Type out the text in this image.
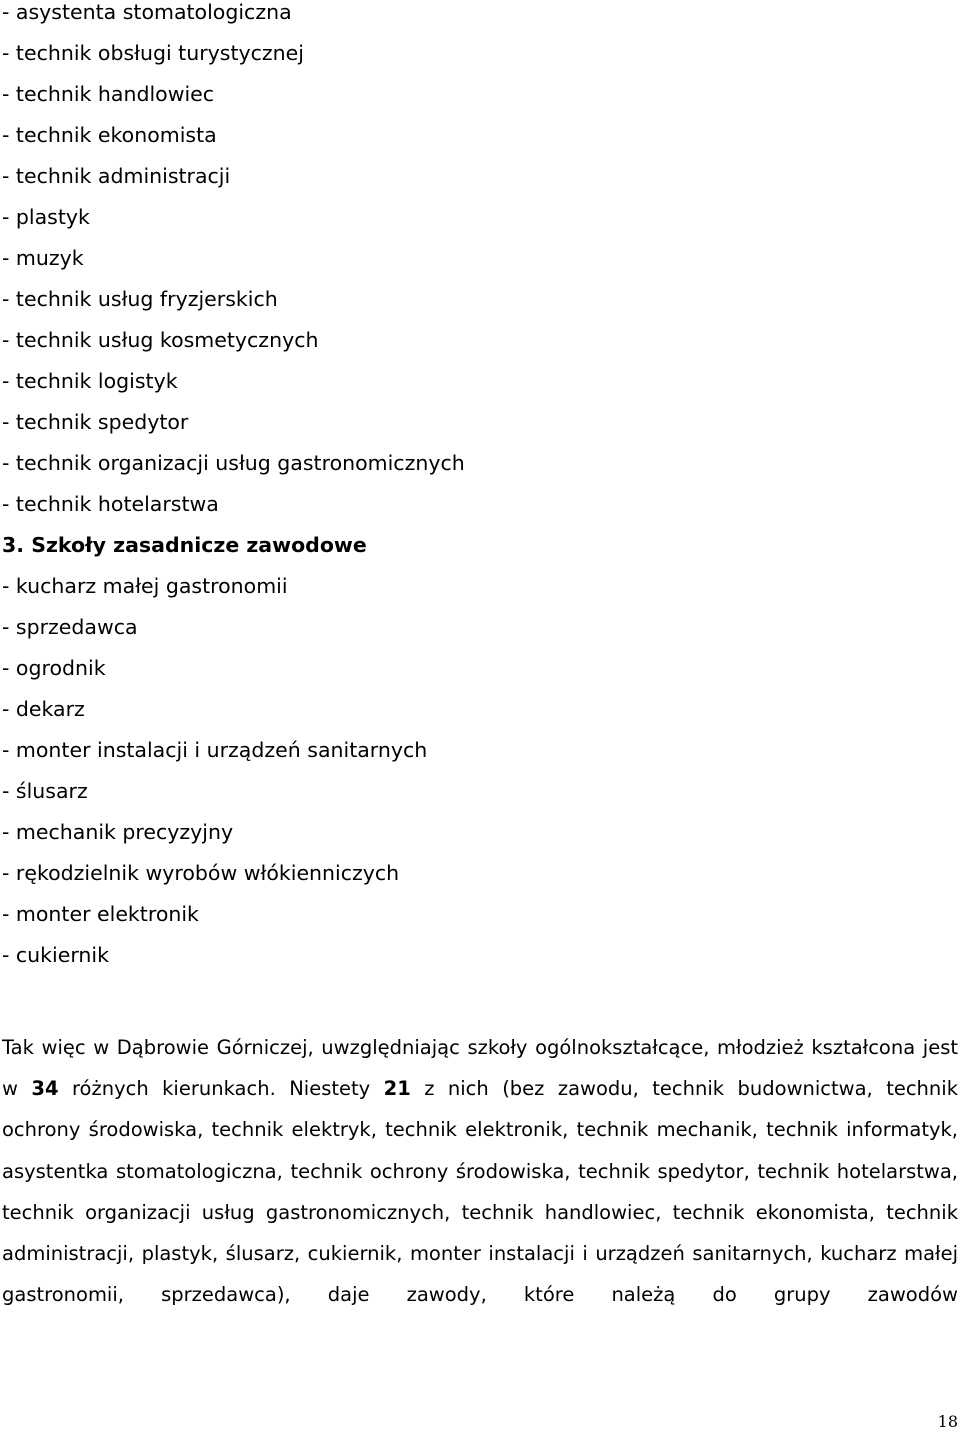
- asystenta stomatologiczna
- technik obsługi turystycznej
- technik handlowiec
- technik ekonomista
- technik administracji
- plastyk
- muzyk
- technik usług fryzjerskich
- technik usług kosmetycznych
- technik logistyk
- technik spedytor
- technik organizacji usług gastronomicznych
- technik hotelarstwa
3. Szkoły zasadnicze zawodowe
- kucharz małej gastronomii
- sprzedawca
- ogrodnik
- dekarz
- monter instalacji i urządzeń sanitarnych
- ślusarz
- mechanik precyzyjny
- rękodzielnik wyrobów włókienniczych
- monter elektronik
- cukiernik

Tak więc w Dąbrowie Górniczej, uwzględniając szkoły ogólnokształcące, młodzież kształcona jest w 34 różnych kierunkach. Niestety 21 z nich (bez zawodu, technik budownictwa, technik ochrony środowiska, technik elektryk, technik elektronik, technik mechanik, technik informatyk, asystentka stomatologiczna, technik ochrony środowiska, technik spedytor, technik hotelarstwa, technik organizacji usług gastronomicznych, technik handlowiec, technik ekonomista, technik administracji, plastyk, ślusarz, cukiernik, monter instalacji i urządzeń sanitarnych, kucharz małej gastronomii, sprzedawca), daje zawody, które należą do grupy zawodów

18
